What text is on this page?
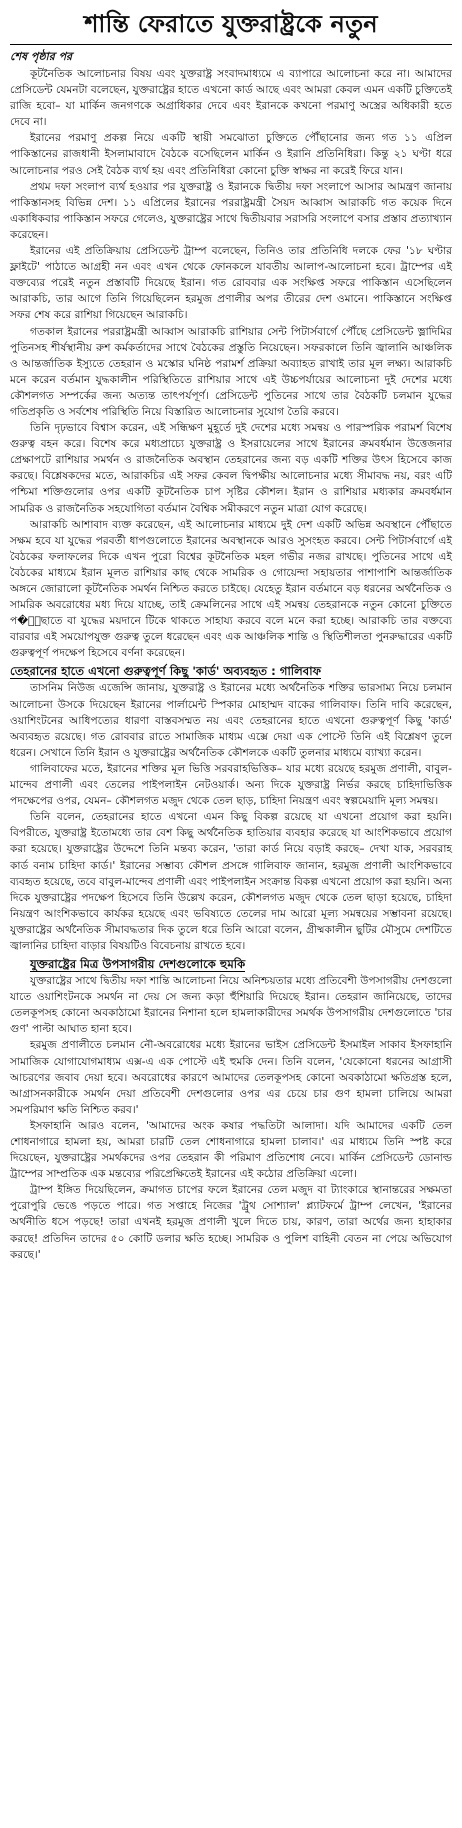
শান্তি ফেরাতে যুক্তরাষ্ট্রকে নতুন
শেষ পৃষ্ঠার পর

কূটনৈতিক আলোচনার বিষয় এবং যুক্তরাষ্ট্র সংবাদমাধ্যমে এ ব্যাপারে আলোচনা করে না। আমাদের প্রেসিডেন্ট যেমনটা বলেছেন, যুক্তরাষ্ট্রের হাতে এখনো কার্ড আছে এবং আমরা কেবল এমন একটি চুক্তিতেই রাজি হবো– যা মার্কিন জনগণকে অগ্রাধিকার দেবে এবং ইরানকে কখনো পরমাণু অস্ত্রের অধিকারী হতে দেবে না।

ইরানের পরমাণু প্রকল্প নিয়ে একটি স্থায়ী সমঝোতা চুক্তিতে পৌঁছানোর জন্য গত ১১ এপ্রিল পাকিস্তানের রাজধানী ইসলামাবাদে বৈঠকে বসেছিলেন মার্কিন ও ইরানি প্রতিনিধিরা। কিন্তু ২১ ঘণ্টা ধরে আলোচনার পরও সেই বৈঠক ব্যর্থ হয় এবং প্রতিনিধিরা কোনো চুক্তি স্বাক্ষর না করেই ফিরে যান।

প্রথম দফা সংলাপ ব্যর্থ হওয়ার পর যুক্তরাষ্ট্র ও ইরানকে দ্বিতীয় দফা সংলাপে আসার আমন্ত্রণ জানায় পাকিস্তানসহ বিভিন্ন দেশ। ১১ এপ্রিলের ইরানের পররাষ্ট্রমন্ত্রী সৈয়দ আব্বাস আরাকচি গত কয়েক দিনে একাধিকবার পাকিস্তান সফরে গেলেও, যুক্তরাষ্ট্রের সাথে দ্বিতীয়বার সরাসরি সংলাপে বসার প্রস্তাব প্রত্যাখ্যান করেছেন।

ইরানের এই প্রতিক্রিয়ায় প্রেসিডেন্ট ট্রাম্প বলেছেন, তিনিও তার প্রতিনিধি দলকে ফের '১৮ ঘণ্টার ফ্লাইটে' পাঠাতে আগ্রহী নন এবং এখন থেকে ফোনকলে যাবতীয় আলাপ-আলোচনা হবে। ট্রাম্পের এই বক্তব্যের পরেই নতুন প্রস্তাবটি দিয়েছে ইরান। গত রোববার এক সংক্ষিপ্ত সফরে পাকিস্তান এসেছিলেন আরাকচি, তার আগে তিনি গিয়েছিলেন হরমুজ প্রণালীর অপর তীরের দেশ ওমানে। পাকিস্তানে সংক্ষিপ্ত সফর শেষ করে রাশিয়া গিয়েছেন আরাকচি।

গতকাল ইরানের পররাষ্ট্রমন্ত্রী আব্বাস আরাকচি রাশিয়ার সেন্ট পিটার্সবার্গে পৌঁছে প্রেসিডেন্ট ভ্লাদিমির পুতিনসহ শীর্ষস্থানীয় রুশ কর্মকর্তাদের সাথে বৈঠকের প্রস্তুতি নিয়েছেন। সফরকালে তিনি জ্বালানি আঞ্চলিক ও আন্তর্জাতিক ইস্যুতে তেহরান ও মস্কোর ঘনিষ্ঠ পরামর্শ প্রক্রিয়া অব্যাহত রাখাই তার মূল লক্ষ্য। আরাকচি মনে করেন বর্তমান যুদ্ধকালীন পরিস্থিতিতে রাশিয়ার সাথে এই উচ্চপর্যায়ের আলোচনা দুই দেশের মধ্যে কৌশলগত সম্পর্কের জন্য অত্যন্ত তাৎপর্যপূর্ণ। প্রেসিডেন্ট পুতিনের সাথে তার বৈঠকটি চলমান যুদ্ধের গতিপ্রকৃতি ও সর্বশেষ পরিস্থিতি নিয়ে বিস্তারিত আলোচনার সুযোগ তৈরি করবে।

তিনি দৃঢ়ভাবে বিশ্বাস করেন, এই সন্ধিক্ষণ মুহূর্তে দুই দেশের মধ্যে সমন্বয় ও পারস্পরিক পরামর্শ বিশেষ গুরুত্ব বহন করে। বিশেষ করে মধ্যপ্রাচ্যে যুক্তরাষ্ট্র ও ইসরায়েলের সাথে ইরানের ক্রমবর্ধমান উত্তেজনার প্রেক্ষাপটে রাশিয়ার সমর্থন ও রাজনৈতিক অবস্থান তেহরানের জন্য বড় একটি শক্তির উৎস হিসেবে কাজ করছে। বিশ্লেষকদের মতে, আরাকচির এই সফর কেবল দ্বিপক্ষীয় আলোচনার মধ্যে সীমাবদ্ধ নয়, বরং এটি পশ্চিমা শক্তিগুলোর ওপর একটি কূটনৈতিক চাপ সৃষ্টির কৌশল। ইরান ও রাশিয়ার মধ্যকার ক্রমবর্ধমান সামরিক ও রাজনৈতিক সহযোগিতা বর্তমান বৈশ্বিক সমীকরণে নতুন মাত্রা যোগ করেছে।

আরাকচি আশাবাদ ব্যক্ত করেছেন, এই আলোচনার মাধ্যমে দুই দেশ একটি অভিন্ন অবস্থানে পৌঁছাতে সক্ষম হবে যা যুদ্ধের পরবর্তী ধাপগুলোতে ইরানের অবস্থানকে আরও সুসংহত করবে। সেন্ট পিটার্সবার্গে এই বৈঠকের ফলাফলের দিকে এখন পুরো বিশ্বের কূটনৈতিক মহল গভীর নজর রাখছে। পুতিনের সাথে এই বৈঠকের মাধ্যমে ইরান মূলত রাশিয়ার কাছ থেকে সামরিক ও গোয়েন্দা সহায়তার পাশাপাশি আন্তর্জাতিক অঙ্গনে জোরালো কূটনৈতিক সমর্থন নিশ্চিত করতে চাইছে। যেহেতু ইরান বর্তমানে বড় ধরনের অর্থনৈতিক ও সামরিক অবরোধের মধ্য দিয়ে যাচ্ছে, তাই ক্রেমলিনের সাথে এই সমন্বয় তেহরানকে নতুন কোনো চুক্তিতে প�ৌঁছাতে বা যুদ্ধের ময়দানে টিকে থাকতে সাহায্য করবে বলে মনে করা হচ্ছে। আরাকচি তার বক্তব্যে বারবার এই সময়োপযুক্ত গুরুত্ব তুলে ধরেছেন এবং এক আঞ্চলিক শান্তি ও স্থিতিশীলতা পুনরুদ্ধারের একটি গুরুত্বপূর্ণ পদক্ষেপ হিসেবে বর্ণনা করেছেন।

তেহরানের হাতে এখনো গুরুত্বপূর্ণ কিছু 'কার্ড' অব্যবহৃত : গালিবাফ

তাসনিম নিউজ এজেন্সি জানায়, যুক্তরাষ্ট্র ও ইরানের মধ্যে অর্থনৈতিক শক্তির ভারসাম্য নিয়ে চলমান আলোচনা উসকে দিয়েছেন ইরানের পার্লামেন্ট স্পিকার মোহাম্মদ বাকের গালিবাফ। তিনি দাবি করেছেন, ওয়াশিংটনের আধিপত্যের ধারণা বাস্তবসম্মত নয় এবং তেহরানের হাতে এখনো গুরুত্বপূর্ণ কিছু 'কার্ড' অব্যবহৃত রয়েছে। গত রোববার রাতে সামাজিক মাধ্যম এক্সে দেয়া এক পোস্টে তিনি এই বিশ্লেষণ তুলে ধরেন। সেখানে তিনি ইরান ও যুক্তরাষ্ট্রের অর্থনৈতিক কৌশলকে একটি তুলনার মাধ্যমে ব্যাখ্যা করেন।

গালিবাফের মতে, ইরানের শক্তির মূল ভিত্তি সরবরাহভিত্তিক– যার মধ্যে রয়েছে হরমুজ প্রণালী, বাবুল-মান্দেব প্রণালী এবং তেলের পাইপলাইন নেটওয়ার্ক। অন্য দিকে যুক্তরাষ্ট্র নির্ভর করছে চাহিদাভিত্তিক পদক্ষেপের ওপর, যেমন– কৌশলগত মজুদ থেকে তেল ছাড়, চাহিদা নিয়ন্ত্রণ এবং স্বল্পমেয়াদি মূল্য সমন্বয়।

তিনি বলেন, তেহরানের হাতে এখনো এমন কিছু বিকল্প রয়েছে যা এখনো প্রয়োগ করা হয়নি। বিপরীতে, যুক্তরাষ্ট্র ইতোমধ্যে তার বেশ কিছু অর্থনৈতিক হাতিয়ার ব্যবহার করেছে যা আংশিকভাবে প্রয়োগ করা হয়েছে। যুক্তরাষ্ট্রের উদ্দেশে তিনি মন্তব্য করেন, 'তারা কার্ড নিয়ে বড়াই করছে– দেখা যাক, সরবরাহ কার্ড বনাম চাহিদা কার্ড।' ইরানের সম্ভাব্য কৌশল প্রসঙ্গে গালিবাফ জানান, হরমুজ প্রণালী আংশিকভাবে ব্যবহৃত হয়েছে, তবে বাবুল-মান্দেব প্রণালী এবং পাইপলাইন সংক্রান্ত বিকল্প এখনো প্রয়োগ করা হয়নি। অন্য দিকে যুক্তরাষ্ট্রের পদক্ষেপ হিসেবে তিনি উল্লেখ করেন, কৌশলগত মজুদ থেকে তেল ছাড়া হয়েছে, চাহিদা নিয়ন্ত্রণ আংশিকভাবে কার্যকর হয়েছে এবং ভবিষ্যতে তেলের দাম আরো মূল্য সমন্বয়ের সম্ভাবনা রয়েছে। যুক্তরাষ্ট্রের অর্থনৈতিক সীমাবদ্ধতার দিক তুলে ধরে তিনি আরো বলেন, গ্রীষ্মকালীন ছুটির মৌসুমে দেশটিতে জ্বালানির চাহিদা বাড়ার বিষয়টিও বিবেচনায় রাখতে হবে।

যুক্তরাষ্ট্রের মিত্র উপসাগরীয় দেশগুলোকে হুমকি

যুক্তরাষ্ট্রের সাথে দ্বিতীয় দফা শান্তি আলোচনা নিয়ে অনিশ্চয়তার মধ্যে প্রতিবেশী উপসাগরীয় দেশগুলো যাতে ওয়াশিংটনকে সমর্থন না দেয় সে জন্য কড়া হুঁশিয়ারি দিয়েছে ইরান। তেহরান জানিয়েছে, তাদের তেলকূপসহ কোনো অবকাঠামো ইরানের নিশানা হলে হামলাকারীদের সমর্থক উপসাগরীয় দেশগুলোতে 'চার গুণ' পাল্টা আঘাত হানা হবে।

হরমুজ প্রণালীতে চলমান নৌ-অবরোধের মধ্যে ইরানের ভাইস প্রেসিডেন্ট ইসমাইল সাকাব ইসফাহানি সামাজিক যোগাযোগমাধ্যম এক্স-এ এক পোস্টে এই হুমকি দেন। তিনি বলেন, 'যেকোনো ধরনের আগ্রাসী আচরণের জবাব দেয়া হবে। অবরোধের কারণে আমাদের তেলকূপসহ কোনো অবকাঠামো ক্ষতিগ্রস্ত হলে, আগ্রাসনকারীকে সমর্থন দেয়া প্রতিবেশী দেশগুলোর ওপর এর চেয়ে চার গুণ হামলা চালিয়ে আমরা সমপরিমাণ ক্ষতি নিশ্চিত করব।'

ইসফাহানি আরও বলেন, 'আমাদের অংক কষার পদ্ধতিটা আলাদা। যদি আমাদের একটি তেল শোধনাগারে হামলা হয়, আমরা চারটি তেল শোধনাগারে হামলা চালাব।' এর মাধ্যমে তিনি স্পষ্ট করে দিয়েছেন, যুক্তরাষ্ট্রের সমর্থকদের ওপর তেহরান কী পরিমাণ প্রতিশোধ নেবে। মার্কিন প্রেসিডেন্ট ডোনাল্ড ট্রাম্পের সাম্প্রতিক এক মন্তব্যের পরিপ্রেক্ষিতেই ইরানের এই কঠোর প্রতিক্রিয়া এলো।

ট্রাম্প ইঙ্গিত দিয়েছিলেন, ক্রমাগত চাপের ফলে ইরানের তেল মজুদ বা ট্যাংকারে স্থানান্তরের সক্ষমতা পুরোপুরি ভেঙে পড়তে পারে। গত সপ্তাহে নিজের 'ট্রুথ সোশ্যাল' প্ল্যাটফর্মে ট্রাম্প লেখেন, 'ইরানের অর্থনীতি ধসে পড়ছে! তারা এখনই হরমুজ প্রণালী খুলে দিতে চায়, কারণ, তারা অর্থের জন্য হাহাকার করছে! প্রতিদিন তাদের ৫০ কোটি ডলার ক্ষতি হচ্ছে। সামরিক ও পুলিশ বাহিনী বেতন না পেয়ে অভিযোগ করছে।'
